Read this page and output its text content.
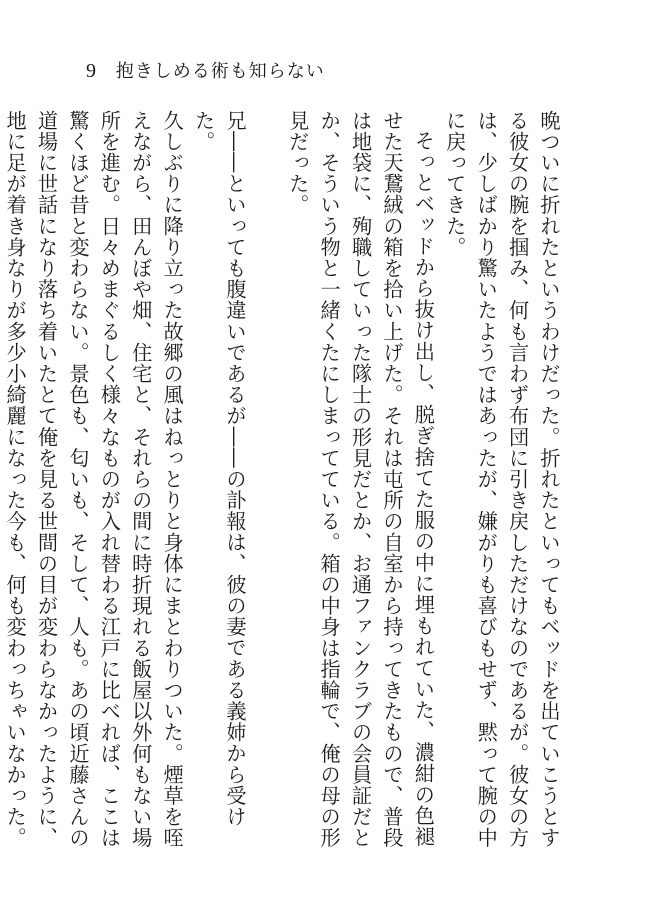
9 抱きしめる術も知らない

晩ついに折れたというわけだった。折れたといってもベッドを出ていこうとする彼女の腕を掴み、何も言わず布団に引き戻しただけなのであるが。彼女の方は、少しばかり驚いたようではあったが、嫌がりも喜びもせず、黙って腕の中に戻ってきた。

そっとベッドから抜け出し、脱ぎ捨てた服の中に埋もれていた、濃紺の色褪せた天鵞絨の箱を拾い上げた。それは屯所の自室から持ってきたもので、普段は地袋に、殉職していった隊士の形見だとか、お通ファンクラブの会員証だとか、そういう物と一緒くたにしまってている。箱の中身は指輪で、俺の母の形見だった。

兄――といっても腹違いであるが――の訃報は、彼の妻である義姉から受けた。

久しぶりに降り立った故郷の風はねっとりと身体にまとわりついた。煙草を咥えながら、田んぼや畑、住宅と、それらの間に時折現れる飯屋以外何もない場所を進む。日々めまぐるしく様々なものが入れ替わる江戸に比べれば、ここは驚くほど昔と変わらない。景色も、匂いも、そして、人も。あの頃近藤さんの道場に世話になり落ち着いたとて俺を見る世間の目が変わらなかったように、地に足が着き身なりが多少小綺麗になった今も、何も変わっちゃいなかった。
